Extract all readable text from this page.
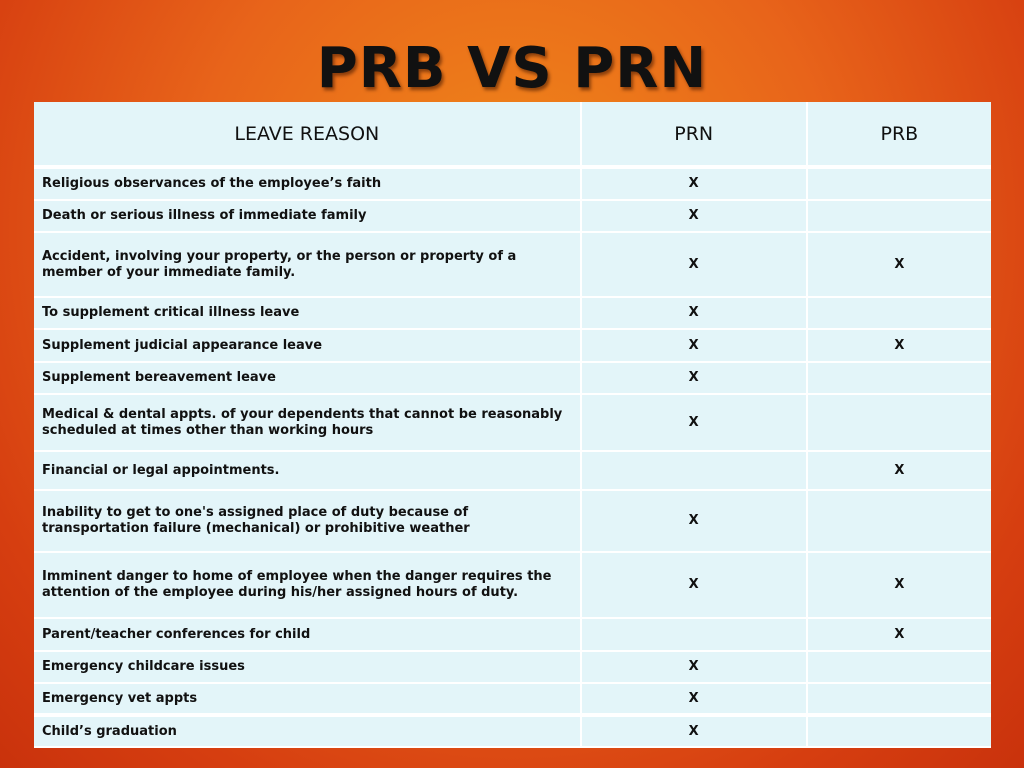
PRB VS PRN
LEAVE REASON	PRN	PRB
Religious observances of the employee’s faith	X	
Death or serious illness of immediate family	X	
Accident, involving your property, or the person or property of a member of your immediate family.	X	X
To supplement critical illness leave	X	
Supplement judicial appearance leave	X	X
Supplement bereavement leave	X	
Medical & dental appts. of your dependents that cannot be reasonably scheduled at times other than working hours	X	
Financial or legal appointments.		X
Inability to get to one's assigned place of duty because of transportation failure (mechanical) or prohibitive weather	X	
Imminent danger to home of employee when the danger requires the attention of the employee during his/her assigned hours of duty.	X	X
Parent/teacher conferences for child		X
Emergency childcare issues	X	
Emergency vet appts	X	
Child’s graduation	X	
